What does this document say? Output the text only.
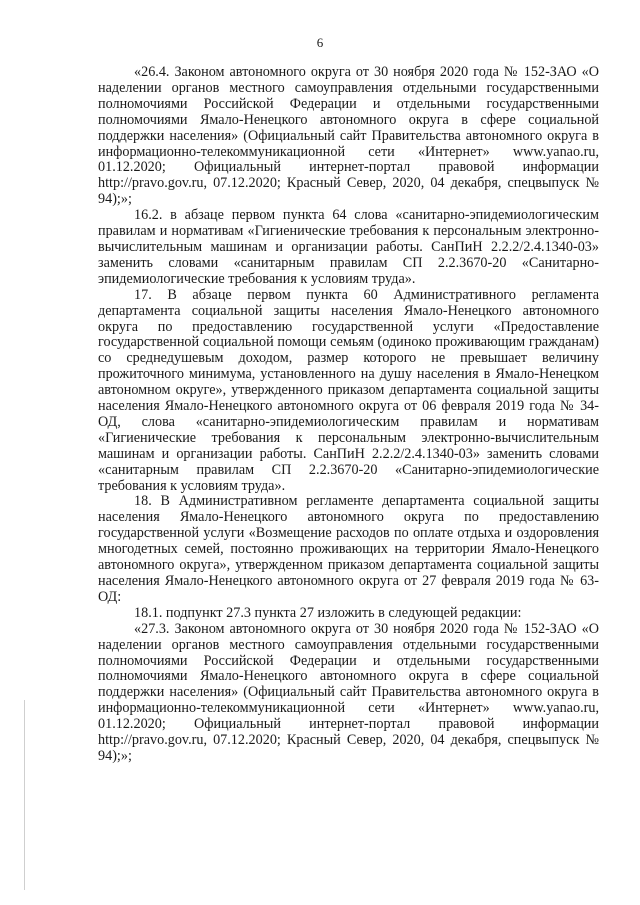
6

«26.4. Законом автономного округа от 30 ноября 2020 года № 152-ЗАО «О наделении органов местного самоуправления отдельными государственными полномочиями Российской Федерации и отдельными государственными полномочиями Ямало-Ненецкого автономного округа в сфере социальной поддержки населения» (Официальный сайт Правительства автономного округа в информационно-телекоммуникационной сети «Интернет» www.yanao.ru, 01.12.2020; Официальный интернет-портал правовой информации http://pravo.gov.ru, 07.12.2020; Красный Север, 2020, 04 декабря, спецвыпуск № 94);»;

16.2. в абзаце первом пункта 64 слова «санитарно-эпидемиологическим правилам и нормативам «Гигиенические требования к персональным электронно-вычислительным машинам и организации работы. СанПиН 2.2.2/2.4.1340-03» заменить словами «санитарным правилам СП 2.2.3670-20 «Санитарно-эпидемиологические требования к условиям труда».

17. В абзаце первом пункта 60 Административного регламента департамента социальной защиты населения Ямало-Ненецкого автономного округа по предоставлению государственной услуги «Предоставление государственной социальной помощи семьям (одиноко проживающим гражданам) со среднедушевым доходом, размер которого не превышает величину прожиточного минимума, установленного на душу населения в Ямало-Ненецком автономном округе», утвержденного приказом департамента социальной защиты населения Ямало-Ненецкого автономного округа от 06 февраля 2019 года № 34-ОД, слова «санитарно-эпидемиологическим правилам и нормативам «Гигиенические требования к персональным электронно-вычислительным машинам и организации работы. СанПиН 2.2.2/2.4.1340-03» заменить словами «санитарным правилам СП 2.2.3670-20 «Санитарно-эпидемиологические требования к условиям труда».

18. В Административном регламенте департамента социальной защиты населения Ямало-Ненецкого автономного округа по предоставлению государственной услуги «Возмещение расходов по оплате отдыха и оздоровления многодетных семей, постоянно проживающих на территории Ямало-Ненецкого автономного округа», утвержденном приказом департамента социальной защиты населения Ямало-Ненецкого автономного округа от 27 февраля 2019 года № 63-ОД:

18.1. подпункт 27.3 пункта 27 изложить в следующей редакции:

«27.3. Законом автономного округа от 30 ноября 2020 года № 152-ЗАО «О наделении органов местного самоуправления отдельными государственными полномочиями Российской Федерации и отдельными государственными полномочиями Ямало-Ненецкого автономного округа в сфере социальной поддержки населения» (Официальный сайт Правительства автономного округа в информационно-телекоммуникационной сети «Интернет» www.yanao.ru, 01.12.2020; Официальный интернет-портал правовой информации http://pravo.gov.ru, 07.12.2020; Красный Север, 2020, 04 декабря, спецвыпуск № 94);»;
